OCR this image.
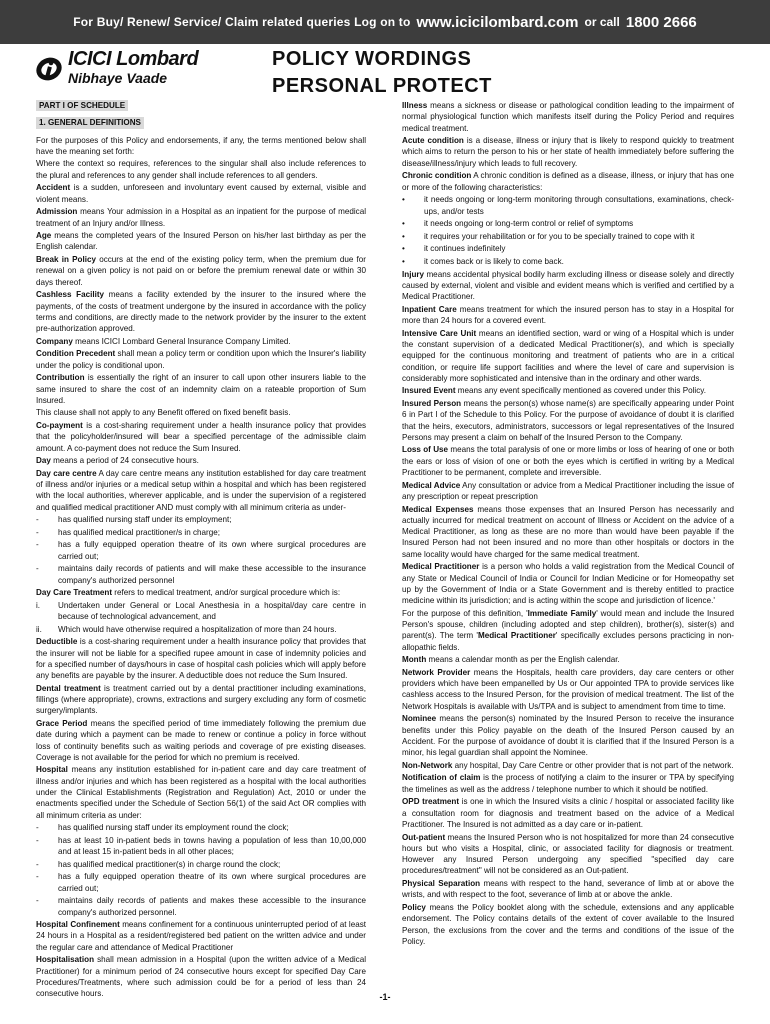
For Buy/ Renew/ Service/ Claim related queries Log on to www.icicilombard.com or call 1800 2666
ICICI Lombard
Nibhaye Vaade
POLICY WORDINGS
PERSONAL PROTECT
PART I OF SCHEDULE
1. GENERAL DEFINITIONS

For the purposes of this Policy and endorsements, if any, the terms mentioned below shall have the meaning set forth:

Where the context so requires, references to the singular shall also include references to the plural and references to any gender shall include references to all genders.

Accident is a sudden, unforeseen and involuntary event caused by external, visible and violent means.

Admission means Your admission in a Hospital as an inpatient for the purpose of medical treatment of an Injury and/or Illness.

Age means the completed years of the Insured Person on his/her last birthday as per the English calendar.

Break in Policy occurs at the end of the existing policy term, when the premium due for renewal on a given policy is not paid on or before the premium renewal date or within 30 days thereof.

Cashless Facility means a facility extended by the insurer to the insured where the payments, of the costs of treatment undergone by the insured in accordance with the policy terms and conditions, are directly made to the network provider by the insurer to the extent pre-authorization approved.

Company means ICICI Lombard General Insurance Company Limited.

Condition Precedent shall mean a policy term or condition upon which the Insurer's liability under the policy is conditional upon.

Contribution is essentially the right of an insurer to call upon other insurers liable to the same insured to share the cost of an indemnity claim on a rateable proportion of Sum Insured.

This clause shall not apply to any Benefit offered on fixed benefit basis.

Co-payment is a cost-sharing requirement under a health insurance policy that provides that the policyholder/insured will bear a specified percentage of the admissible claim amount. A co-payment does not reduce the Sum Insured.

Day means a period of 24 consecutive hours.

Day care centre A day care centre means any institution established for day care treatment of illness and/or injuries or a medical setup within a hospital and which has been registered with the local authorities, wherever applicable, and is under the supervision of a registered and qualified medical practitioner AND must comply with all minimum criteria as under-

-	has qualified nursing staff under its employment;
-	has qualified medical practitioner/s in charge;
-	has a fully equipped operation theatre of its own where surgical procedures are carried out;
-	maintains daily records of patients and will make these accessible to the insurance company's authorized personnel

Day Care Treatment refers to medical treatment, and/or surgical procedure which is:

i.	Undertaken under General or Local Anesthesia in a hospital/day care centre in because of technological advancement, and
ii.	Which would have otherwise required a hospitalization of more than 24 hours.

Deductible is a cost-sharing requirement under a health insurance policy that provides that the insurer will not be liable for a specified rupee amount in case of indemnity policies and for a specified number of days/hours in case of hospital cash policies which will apply before any benefits are payable by the insurer. A deductible does not reduce the Sum Insured.

Dental treatment is treatment carried out by a dental practitioner including examinations, fillings (where appropriate), crowns, extractions and surgery excluding any form of cosmetic surgery/implants.

Grace Period means the specified period of time immediately following the premium due date during which a payment can be made to renew or continue a policy in force without loss of continuity benefits such as waiting periods and coverage of pre existing diseases. Coverage is not available for the period for which no premium is received.

Hospital means any institution established for in-patient care and day care treatment of illness and/or injuries and which has been registered as a hospital with the local authorities under the Clinical Establishments (Registration and Regulation) Act, 2010 or under the enactments specified under the Schedule of Section 56(1) of the said Act OR complies with all minimum criteria as under:

-	has qualified nursing staff under its employment round the clock;
-	has at least 10 in-patient beds in towns having a population of less than 10,00,000 and at least 15 in-patient beds in all other places;
-	has qualified medical practitioner(s) in charge round the clock;
-	has a fully equipped operation theatre of its own where surgical procedures are carried out;
-	maintains daily records of patients and makes these accessible to the insurance company's authorized personnel.

Hospital Confinement means confinement for a continuous uninterrupted period of at least 24 hours in a Hospital as a resident/registered bed patient on the written advice and under the regular care and attendance of Medical Practitioner

Hospitalisation shall mean admission in a Hospital (upon the written advice of a Medical Practitioner) for a minimum period of 24 consecutive hours except for specified Day Care Procedures/Treatments, where such admission could be for a period of less than 24 consecutive hours.

Illness means a sickness or disease or pathological condition leading to the impairment of normal physiological function which manifests itself during the Policy Period and requires medical treatment.

Acute condition is a disease, illness or injury that is likely to respond quickly to treatment which aims to return the person to his or her state of health immediately before suffering the disease/illness/injury which leads to full recovery.

Chronic condition A chronic condition is defined as a disease, illness, or injury that has one or more of the following characteristics:

•	it needs ongoing or long-term monitoring through consultations, examinations, check-ups, and/or tests
•	it needs ongoing or long-term control or relief of symptoms
•	it requires your rehabilitation or for you to be specially trained to cope with it
•	it continues indefinitely
•	it comes back or is likely to come back.

Injury means accidental physical bodily harm excluding illness or disease solely and directly caused by external, violent and visible and evident means which is verified and certified by a Medical Practitioner.

Inpatient Care means treatment for which the insured person has to stay in a Hospital for more than 24 hours for a covered event.

Intensive Care Unit means an identified section, ward or wing of a Hospital which is under the constant supervision of a dedicated Medical Practitioner(s), and which is specially equipped for the continuous monitoring and treatment of patients who are in a critical condition, or require life support facilities and where the level of care and supervision is considerably more sophisticated and intensive than in the ordinary and other wards.

Insured Event means any event specifically mentioned as covered under this Policy.

Insured Person means the person(s) whose name(s) are specifically appearing under Point 6 in Part I of the Schedule to this Policy. For the purpose of avoidance of doubt it is clarified that the heirs, executors, administrators, successors or legal representatives of the Insured Persons may present a claim on behalf of the Insured Person to the Company.

Loss of Use means the total paralysis of one or more limbs or loss of hearing of one or both the ears or loss of vision of one or both the eyes which is certified in writing by a Medical Practitioner to be permanent, complete and irreversible.

Medical Advice Any consultation or advice from a Medical Practitioner including the issue of any prescription or repeat prescription

Medical Expenses means those expenses that an Insured Person has necessarily and actually incurred for medical treatment on account of Illness or Accident on the advice of a Medical Practitioner, as long as these are no more than would have been payable if the Insured Person had not been insured and no more than other hospitals or doctors in the same locality would have charged for the same medical treatment.

Medical Practitioner is a person who holds a valid registration from the Medical Council of any State or Medical Council of India or Council for Indian Medicine or for Homeopathy set up by the Government of India or a State Government and is thereby entitled to practice medicine within its jurisdiction; and is acting within the scope and jurisdiction of licence.'

For the purpose of this definition, 'Immediate Family' would mean and include the Insured Person's spouse, children (including adopted and step children), brother(s), sister(s) and parent(s). The term 'Medical Practitioner' specifically excludes persons practicing in non-allopathic fields.

Month means a calendar month as per the English calendar.

Network Provider means the Hospitals, health care providers, day care centers or other providers which have been empanelled by Us or Our appointed TPA to provide services like cashless access to the Insured Person, for the provision of medical treatment. The list of the Network Hospitals is available with Us/TPA and is subject to amendment from time to time.

Nominee means the person(s) nominated by the Insured Person to receive the insurance benefits under this Policy payable on the death of the Insured Person caused by an Accident. For the purpose of avoidance of doubt it is clarified that if the Insured Person is a minor, his legal guardian shall appoint the Nominee.

Non-Network any hospital, Day Care Centre or other provider that is not part of the network.

Notification of claim is the process of notifying a claim to the insurer or TPA by specifying the timelines as well as the address / telephone number to which it should be notified.

OPD treatment is one in which the Insured visits a clinic / hospital or associated facility like a consultation room for diagnosis and treatment based on the advice of a Medical Practitioner. The Insured is not admitted as a day care or in-patient.

Out-patient means the Insured Person who is not hospitalized for more than 24 consecutive hours but who visits a Hospital, clinic, or associated facility for diagnosis or treatment. However any Insured Person undergoing any specified "specified day care procedures/treatment" will not be considered as an Out-patient.

Physical Separation means with respect to the hand, severance of limb at or above the wrists, and with respect to the foot, severance of limb at or above the ankle.

Policy means the Policy booklet along with the schedule, extensions and any applicable endorsement. The Policy contains details of the extent of cover available to the Insured Person, the exclusions from the cover and the terms and conditions of the issue of the Policy.

-1-
